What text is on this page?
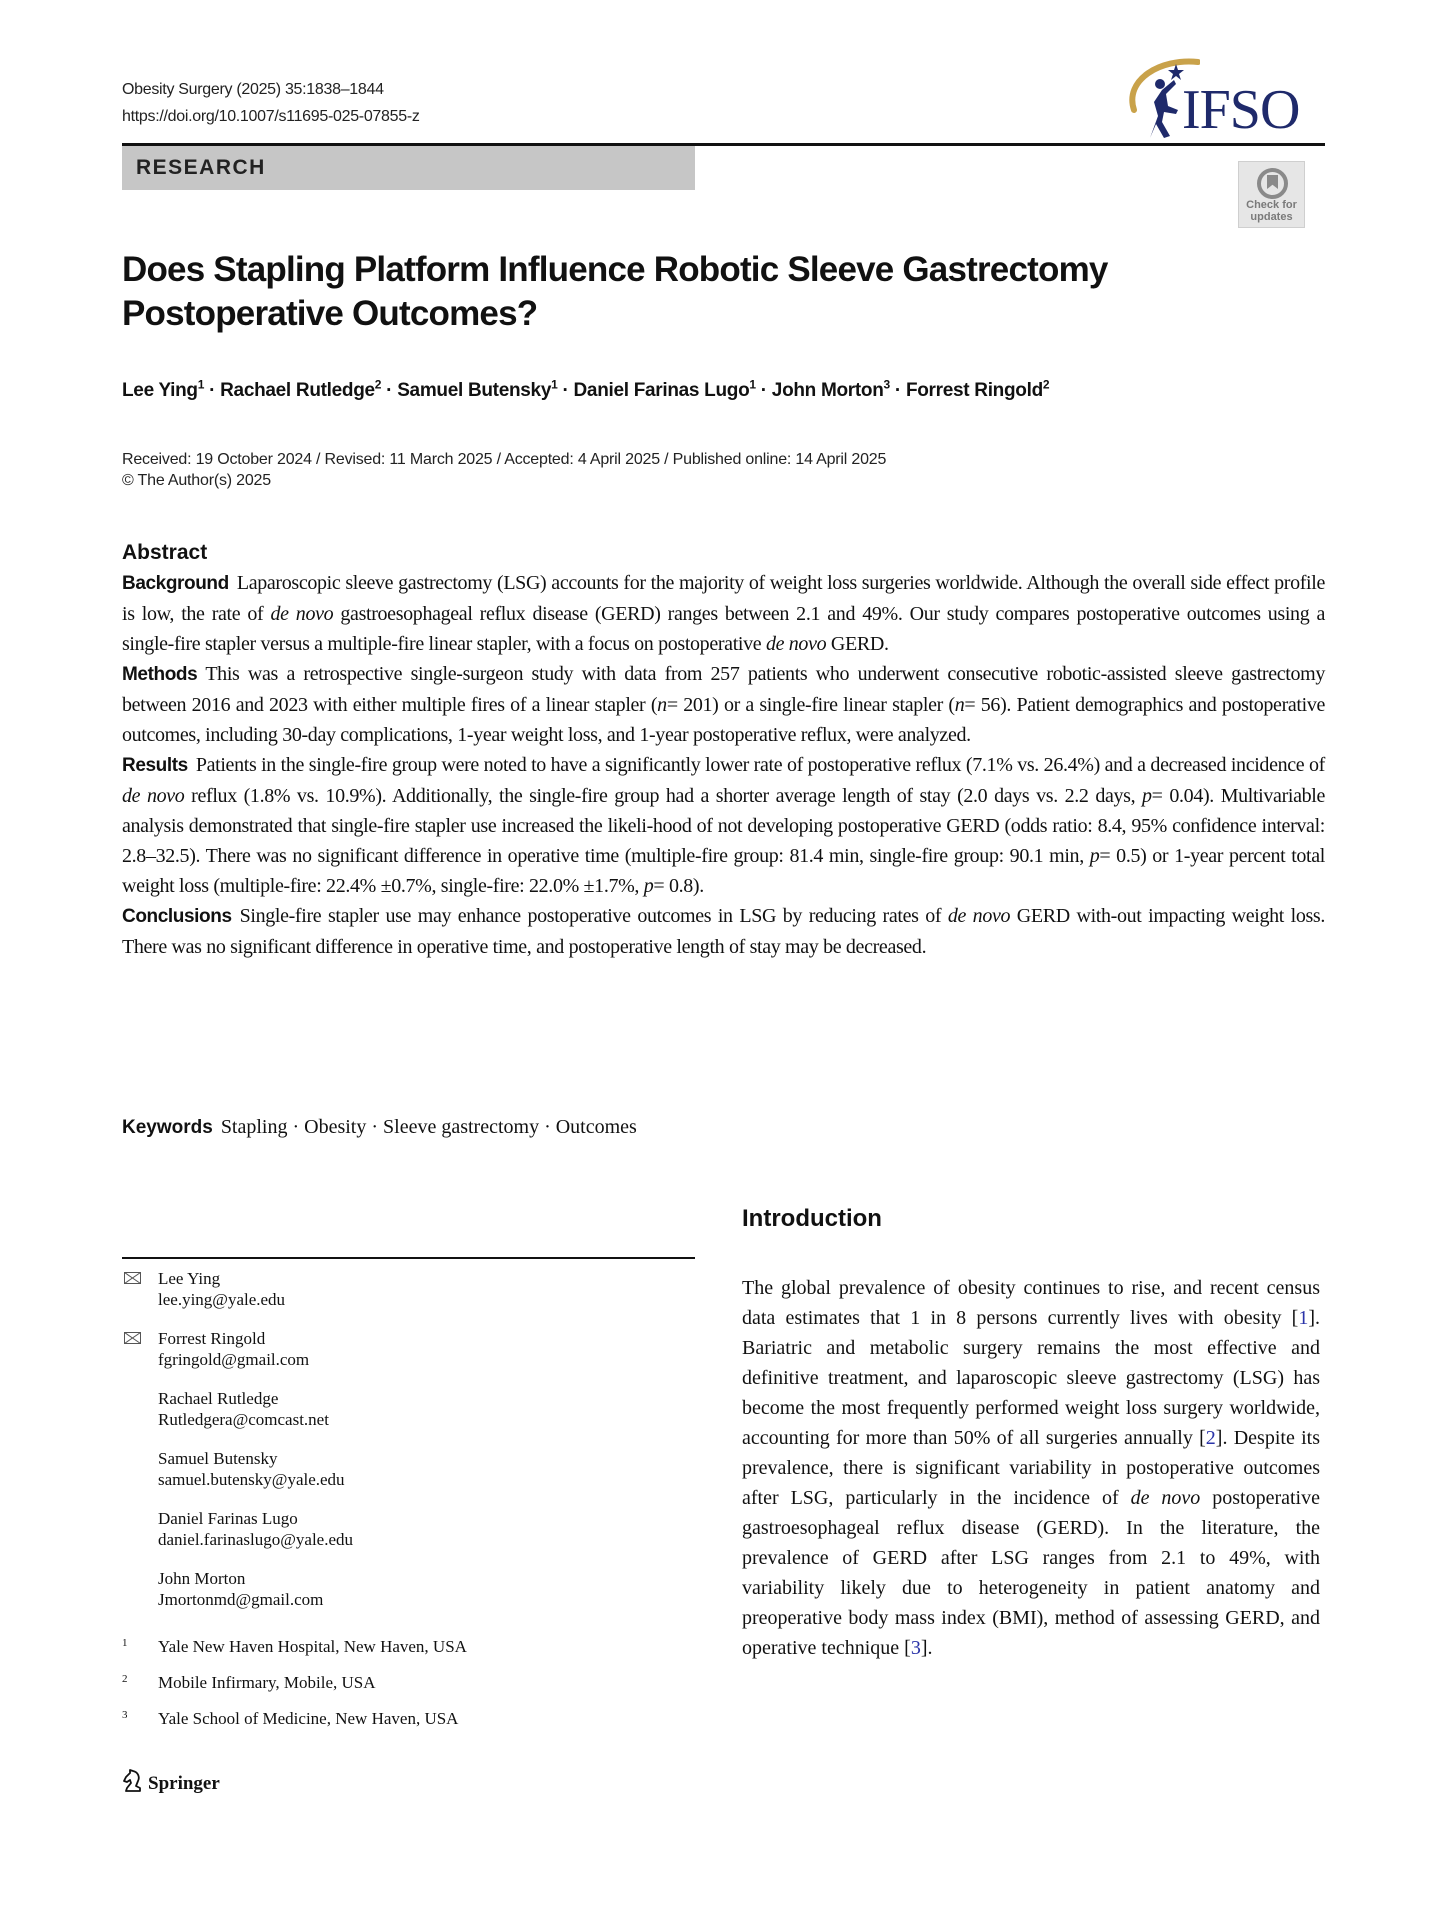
Obesity Surgery (2025) 35:1838–1844
https://doi.org/10.1007/s11695-025-07855-z	IFSO
RESEARCH
Check for
updates
Does Stapling Platform Influence Robotic Sleeve Gastrectomy Postoperative Outcomes?
Lee Ying$^1$ · Rachael Rutledge$^2$ · Samuel Butensky$^1$ · Daniel Farinas Lugo$^1$ · John Morton$^3$ · Forrest Ringold$^2$
Received: 19 October 2024 / Revised: 11 March 2025 / Accepted: 4 April 2025 / Published online: 14 April 2025
© The Author(s) 2025
Abstract

Background Laparoscopic sleeve gastrectomy (LSG) accounts for the majority of weight loss surgeries worldwide. Although the overall side effect profile is low, the rate of de novo gastroesophageal reflux disease (GERD) ranges between 2.1 and 49%. Our study compares postoperative outcomes using a single-fire stapler versus a multiple-fire linear stapler, with a focus on postoperative de novo GERD.

Methods This was a retrospective single-surgeon study with data from 257 patients who underwent consecutive robotic-assisted sleeve gastrectomy between 2016 and 2023 with either multiple fires of a linear stapler (n= 201) or a single-fire linear stapler (n= 56). Patient demographics and postoperative outcomes, including 30-day complications, 1-year weight loss, and 1-year postoperative reflux, were analyzed.

Results Patients in the single-fire group were noted to have a significantly lower rate of postoperative reflux (7.1% vs. 26.4%) and a decreased incidence of de novo reflux (1.8% vs. 10.9%). Additionally, the single-fire group had a shorter average length of stay (2.0 days vs. 2.2 days, p= 0.04). Multivariable analysis demonstrated that single-fire stapler use increased the likeli-hood of not developing postoperative GERD (odds ratio: 8.4, 95% confidence interval: 2.8–32.5). There was no significant difference in operative time (multiple-fire group: 81.4 min, single-fire group: 90.1 min, p= 0.5) or 1-year percent total weight loss (multiple-fire: 22.4% ±0.7%, single-fire: 22.0% ±1.7%, p= 0.8).

Conclusions Single-fire stapler use may enhance postoperative outcomes in LSG by reducing rates of de novo GERD with-out impacting weight loss. There was no significant difference in operative time, and postoperative length of stay may be decreased.

Keywords Stapling · Obesity · Sleeve gastrectomy · Outcomes
Lee Ying
lee.ying@yale.edu
Forrest Ringold
fgringold@gmail.com
Rachael Rutledge
Rutledgera@comcast.net
Samuel Butensky
samuel.butensky@yale.edu
Daniel Farinas Lugo
daniel.farinaslugo@yale.edu
John Morton
Jmortonmd@gmail.com
1 Yale New Haven Hospital, New Haven, USA
2 Mobile Infirmary, Mobile, USA
3 Yale School of Medicine, New Haven, USA
Springer
Introduction

The global prevalence of obesity continues to rise, and recent census data estimates that 1 in 8 persons currently lives with obesity [1]. Bariatric and metabolic surgery remains the most effective and definitive treatment, and laparoscopic sleeve gastrectomy (LSG) has become the most frequently performed weight loss surgery worldwide, accounting for more than 50% of all surgeries annually [2]. Despite its prevalence, there is significant variability in postoperative outcomes after LSG, particularly in the incidence of de novo postoperative gastroesophageal reflux disease (GERD). In the literature, the prevalence of GERD after LSG ranges from 2.1 to 49%, with variability likely due to heterogeneity in patient anatomy and preoperative body mass index (BMI), method of assessing GERD, and operative technique [3].
